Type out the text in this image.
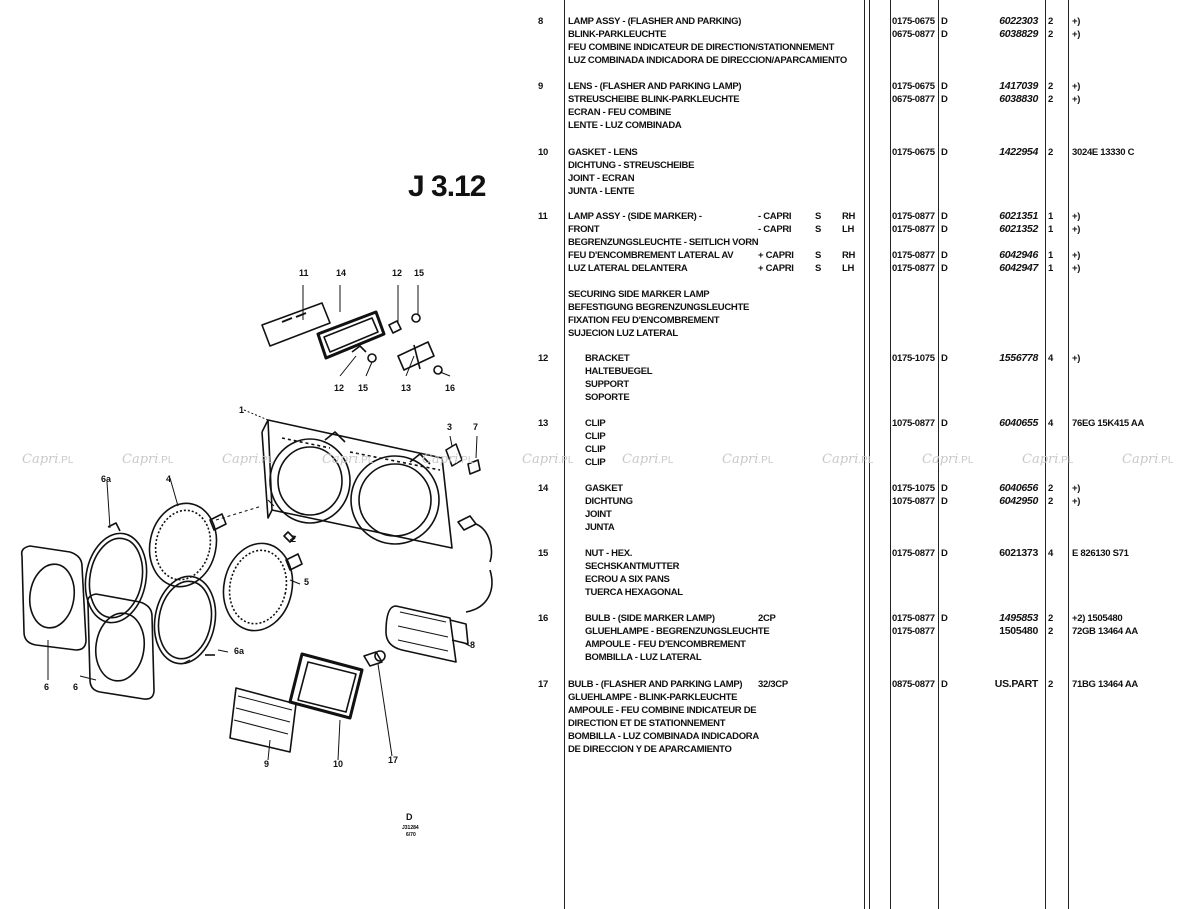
11	14	12 15
12 15	13	16
1
3 7
6a	4
2
5
6a
8
6	6
9	10	17
D
J31284
6/70
J 3.12
8	LAMP ASSY - (FLASHER AND PARKING)
BLINK-PARKLEUCHTE
FEU COMBINE INDICATEUR DE DIRECTION/STATIONNEMENT
LUZ COMBINADA INDICADORA DE DIRECCION/APARCAMIENTO
0175-0675 D	6022303 2 +)
0675-0877 D	6038829 2 +)
9	LENS - (FLASHER AND PARKING LAMP)
STREUSCHEIBE BLINK-PARKLEUCHTE
ECRAN - FEU COMBINE
LENTE - LUZ COMBINADA
0175-0675 D	1417039 2 +)
0675-0877 D	6038830 2 +)
10 GASKET - LENS
DICHTUNG - STREUSCHEIBE
JOINT - ECRAN
JUNTA - LENTE
0175-0675 D	1422954 2 3024E 13330 C
11 LAMP ASSY - (SIDE MARKER) -
FRONT
BEGRENZUNGSLEUCHTE - SEITLICH VORN
FEU D'ENCOMBREMENT LATERAL AV
LUZ LATERAL DELANTERA
- CAPRI S RH	0175-0877 D	6021351 1 +)
- CAPRI S LH	0175-0877 D	6021352 1 +)
+ CAPRI S RH	0175-0877 D	6042946 1 +)
+ CAPRI S LH	0175-0877 D	6042947 1 +)
SECURING SIDE MARKER LAMP
BEFESTIGUNG BEGRENZUNGSLEUCHTE
FIXATION FEU D'ENCOMBREMENT
SUJECION LUZ LATERAL
12	BRACKET
HALTEBUEGEL
SUPPORT
SOPORTE
0175-1075 D	1556778 4 +)
13	CLIP
CLIP
CLIP
CLIP
1075-0877 D	6040655 4 76EG 15K415 AA
14	GASKET
DICHTUNG
JOINT
JUNTA
0175-1075 D	6040656 2 +)
1075-0877 D	6042950 2 +)
15	NUT - HEX.
SECHSKANTMUTTER
ECROU A SIX PANS
TUERCA HEXAGONAL
0175-0877 D	6021373 4 E 826130 S71
16	BULB - (SIDE MARKER LAMP)
GLUEHLAMPE - BEGRENZUNGSLEUCHTE
AMPOULE - FEU D'ENCOMBREMENT
BOMBILLA - LUZ LATERAL
2CP	0175-0877 D	1495853 2 +2) 1505480
0175-0877	1505480 2 72GB 13464 AA
17 BULB - (FLASHER AND PARKING LAMP)
GLUEHLAMPE - BLINK-PARKLEUCHTE
AMPOULE - FEU COMBINE INDICATEUR DE
DIRECTION ET DE STATIONNEMENT
BOMBILLA - LUZ COMBINADA INDICADORA
DE DIRECCION Y DE APARCAMIENTO
32/3CP	0875-0877 D	US.PART 2 71BG 13464 AA
Capri.PL	Capri.PL	Capri.PL	Capri.PL	Capri.PL	Capri.PL	Capri.PL	Capri.PL	Capri.PL	Capri.PL	Capri.PL	Capri.PL
